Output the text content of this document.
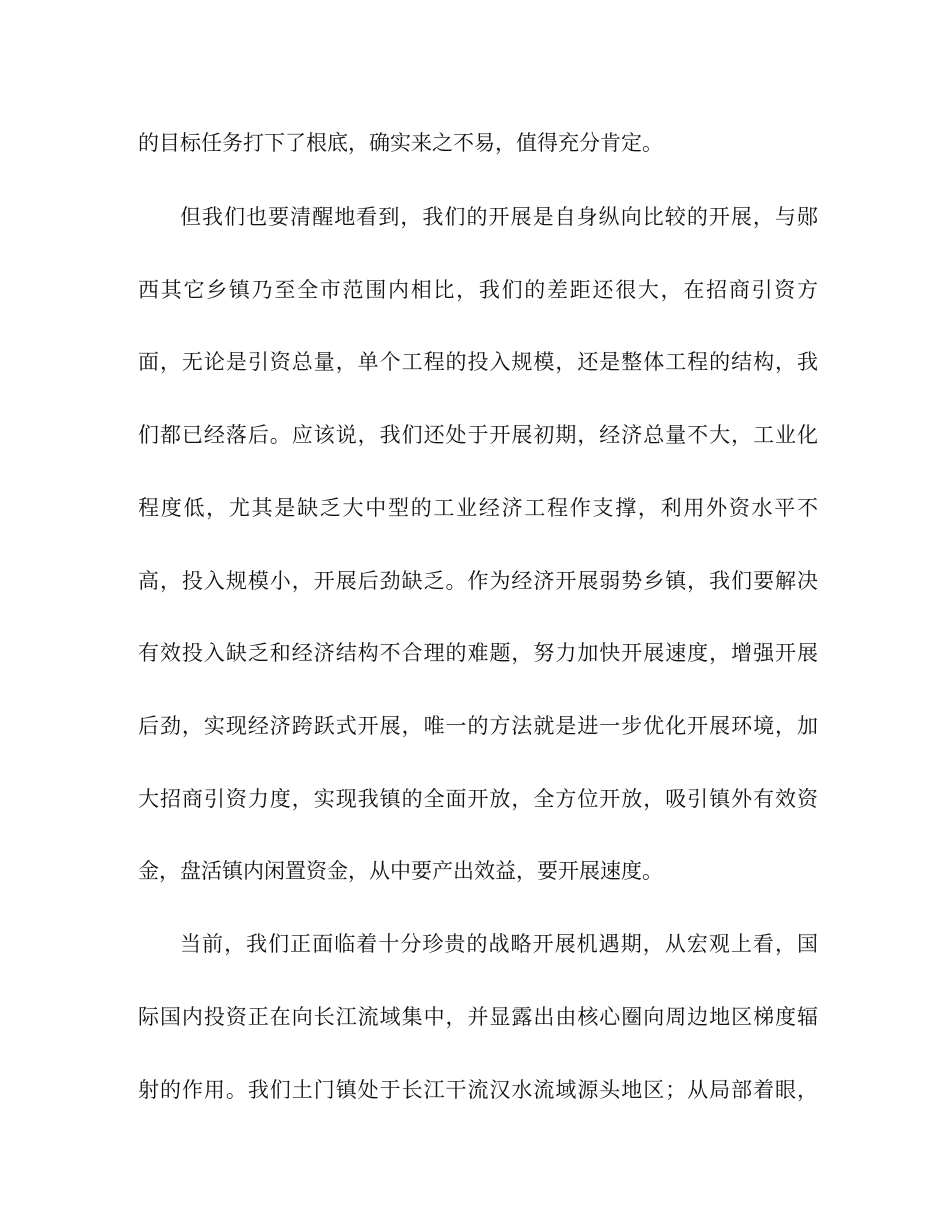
的目标任务打下了根底，确实来之不易，值得充分肯定。
但我们也要清醒地看到，我们的开展是自身纵向比较的开展，与郧
西其它乡镇乃至全市范围内相比，我们的差距还很大，在招商引资方
面，无论是引资总量，单个工程的投入规模，还是整体工程的结构，我
们都已经落后。应该说，我们还处于开展初期，经济总量不大，工业化
程度低，尤其是缺乏大中型的工业经济工程作支撑，利用外资水平不
高，投入规模小，开展后劲缺乏。作为经济开展弱势乡镇，我们要解决
有效投入缺乏和经济结构不合理的难题，努力加快开展速度，增强开展
后劲，实现经济跨跃式开展，唯一的方法就是进一步优化开展环境，加
大招商引资力度，实现我镇的全面开放，全方位开放，吸引镇外有效资
金，盘活镇内闲置资金，从中要产出效益，要开展速度。
当前，我们正面临着十分珍贵的战略开展机遇期，从宏观上看，国
际国内投资正在向长江流域集中，并显露出由核心圈向周边地区梯度辐
射的作用。我们土门镇处于长江干流汉水流域源头地区；从局部着眼，
